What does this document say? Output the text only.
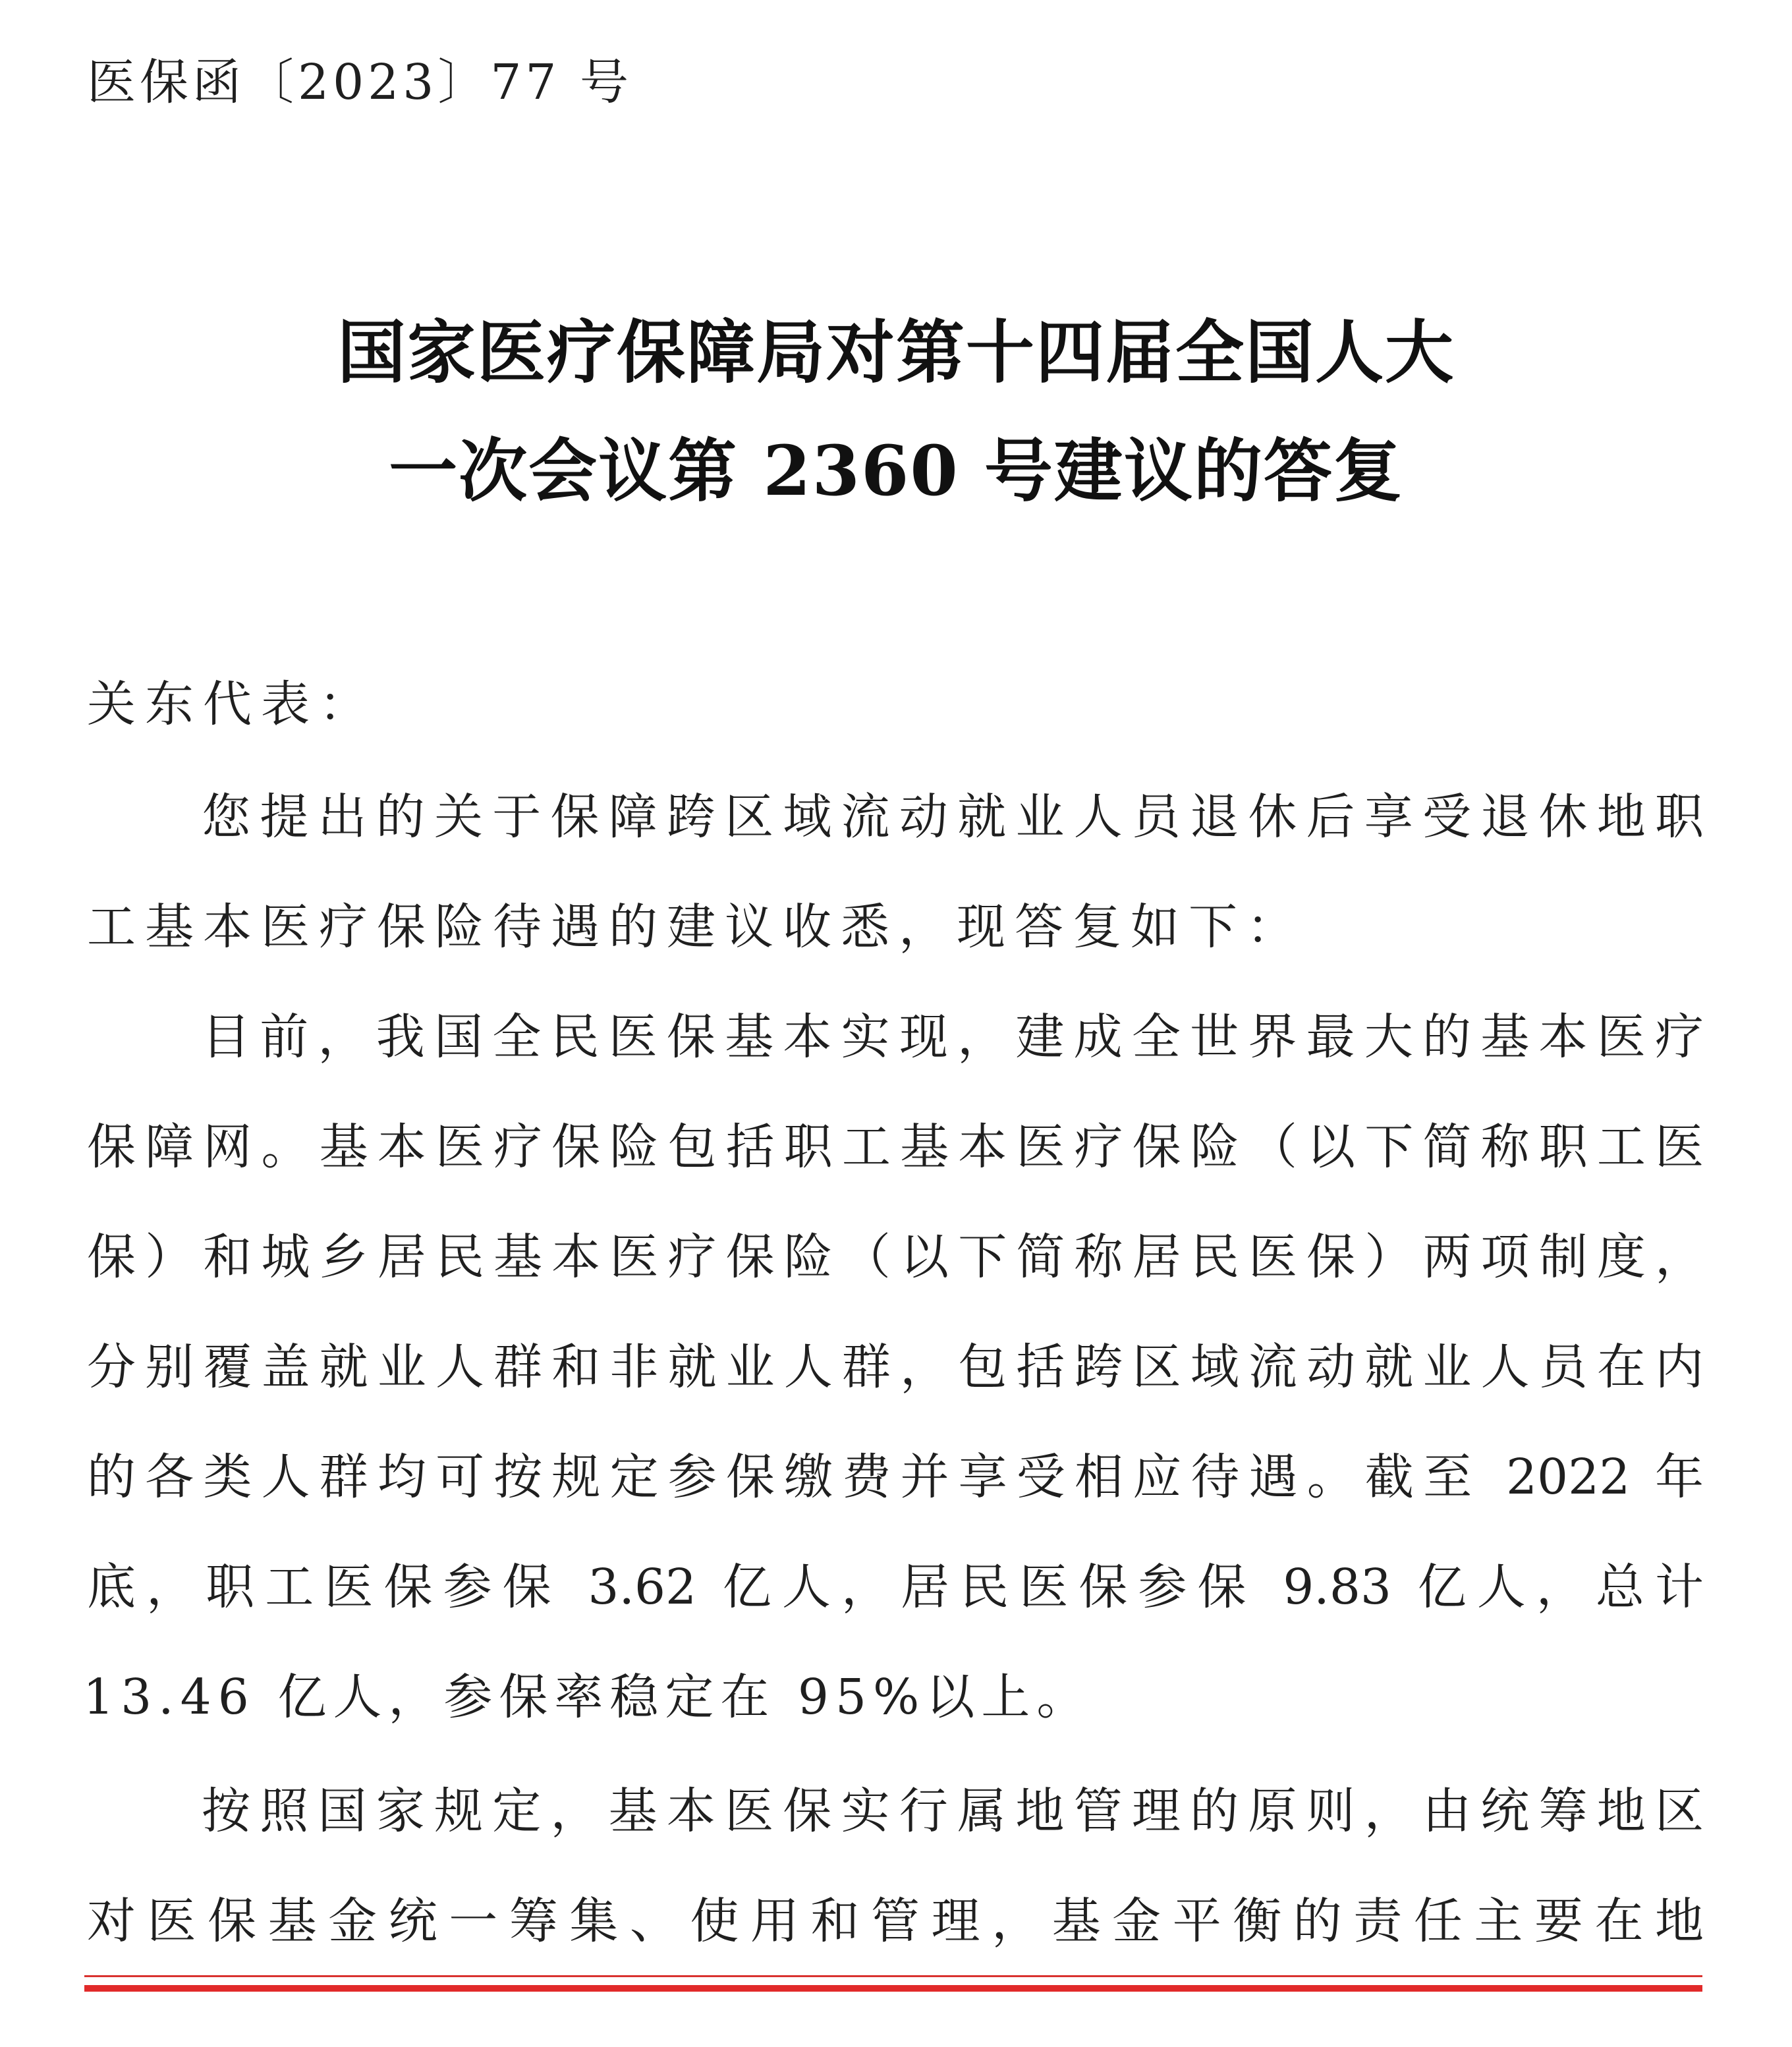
医保函〔2023〕77 号
国家医疗保障局对第十四届全国人大
一次会议第 2360 号建议的答复
关东代表：
您提出的关于保障跨区域流动就业人员退休后享受退休地职
工基本医疗保险待遇的建议收悉，现答复如下：
目前，我国全民医保基本实现，建成全世界最大的基本医疗
保障网。基本医疗保险包括职工基本医疗保险（以下简称职工医
保）和城乡居民基本医疗保险（以下简称居民医保）两项制度，
分别覆盖就业人群和非就业人群，包括跨区域流动就业人员在内
的各类人群均可按规定参保缴费并享受相应待遇。截至 2022 年
底，职工医保参保 3.62 亿人，居民医保参保 9.83 亿人，总计
13.46 亿人，参保率稳定在 95%以上。
按照国家规定，基本医保实行属地管理的原则，由统筹地区
对医保基金统一筹集、使用和管理，基金平衡的责任主要在地
